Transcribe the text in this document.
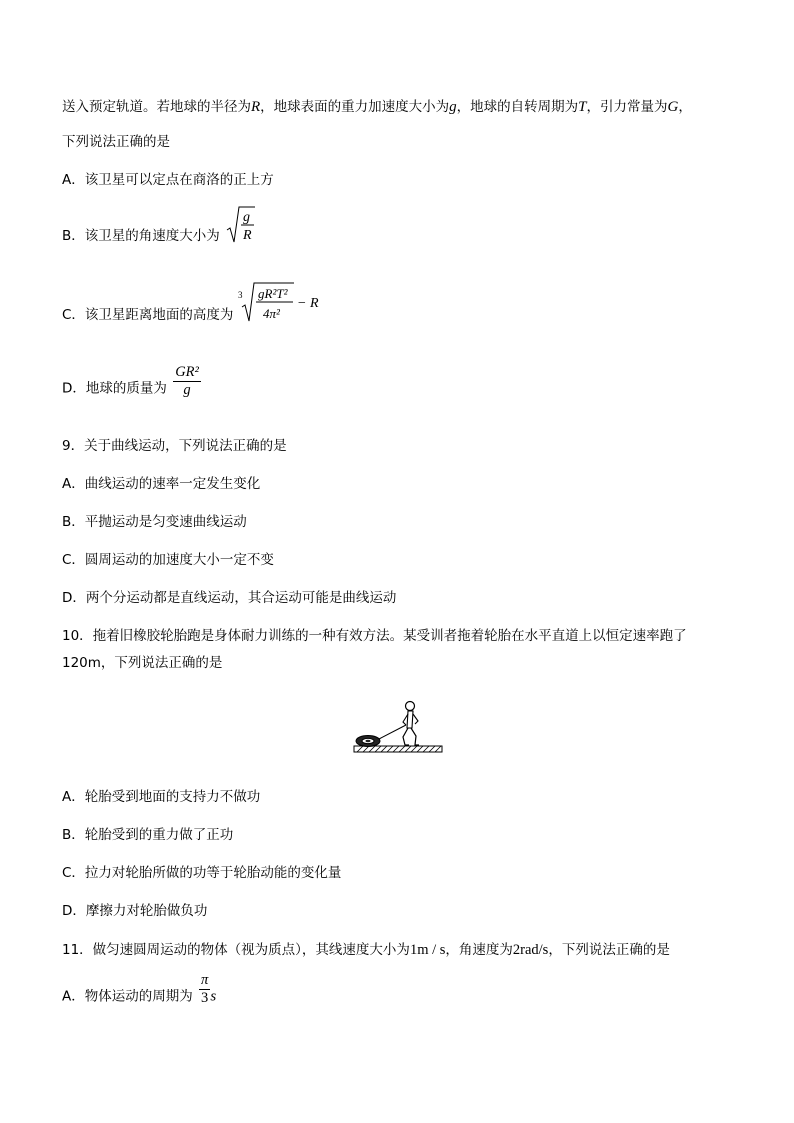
送入预定轨道。若地球的半径为R，地球表面的重力加速度大小为g，地球的自转周期为T，引力常量为G，
下列说法正确的是
A．该卫星可以定点在商洛的正上方
B．该卫星的角速度大小为
g
R
C．该卫星距离地面的高度为
3 gR²T²
4π²
− R
D．地球的质量为 $\frac{\text{GR²}}{g}$
9．关于曲线运动，下列说法正确的是
A．曲线运动的速率一定发生变化
B．平抛运动是匀变速曲线运动
C．圆周运动的加速度大小一定不变
D．两个分运动都是直线运动，其合运动可能是曲线运动
10．拖着旧橡胶轮胎跑是身体耐力训练的一种有效方法。某受训者拖着轮胎在水平直道上以恒定速率跑了
120m，下列说法正确的是
A．轮胎受到地面的支持力不做功
B．轮胎受到的重力做了正功
C．拉力对轮胎所做的功等于轮胎动能的变化量
D．摩擦力对轮胎做负功
11．做匀速圆周运动的物体（视为质点），其线速度大小为1m / s，角速度为2rad/s，下列说法正确的是
A．物体运动的周期为 $\frac{\pi}{3}$ s
